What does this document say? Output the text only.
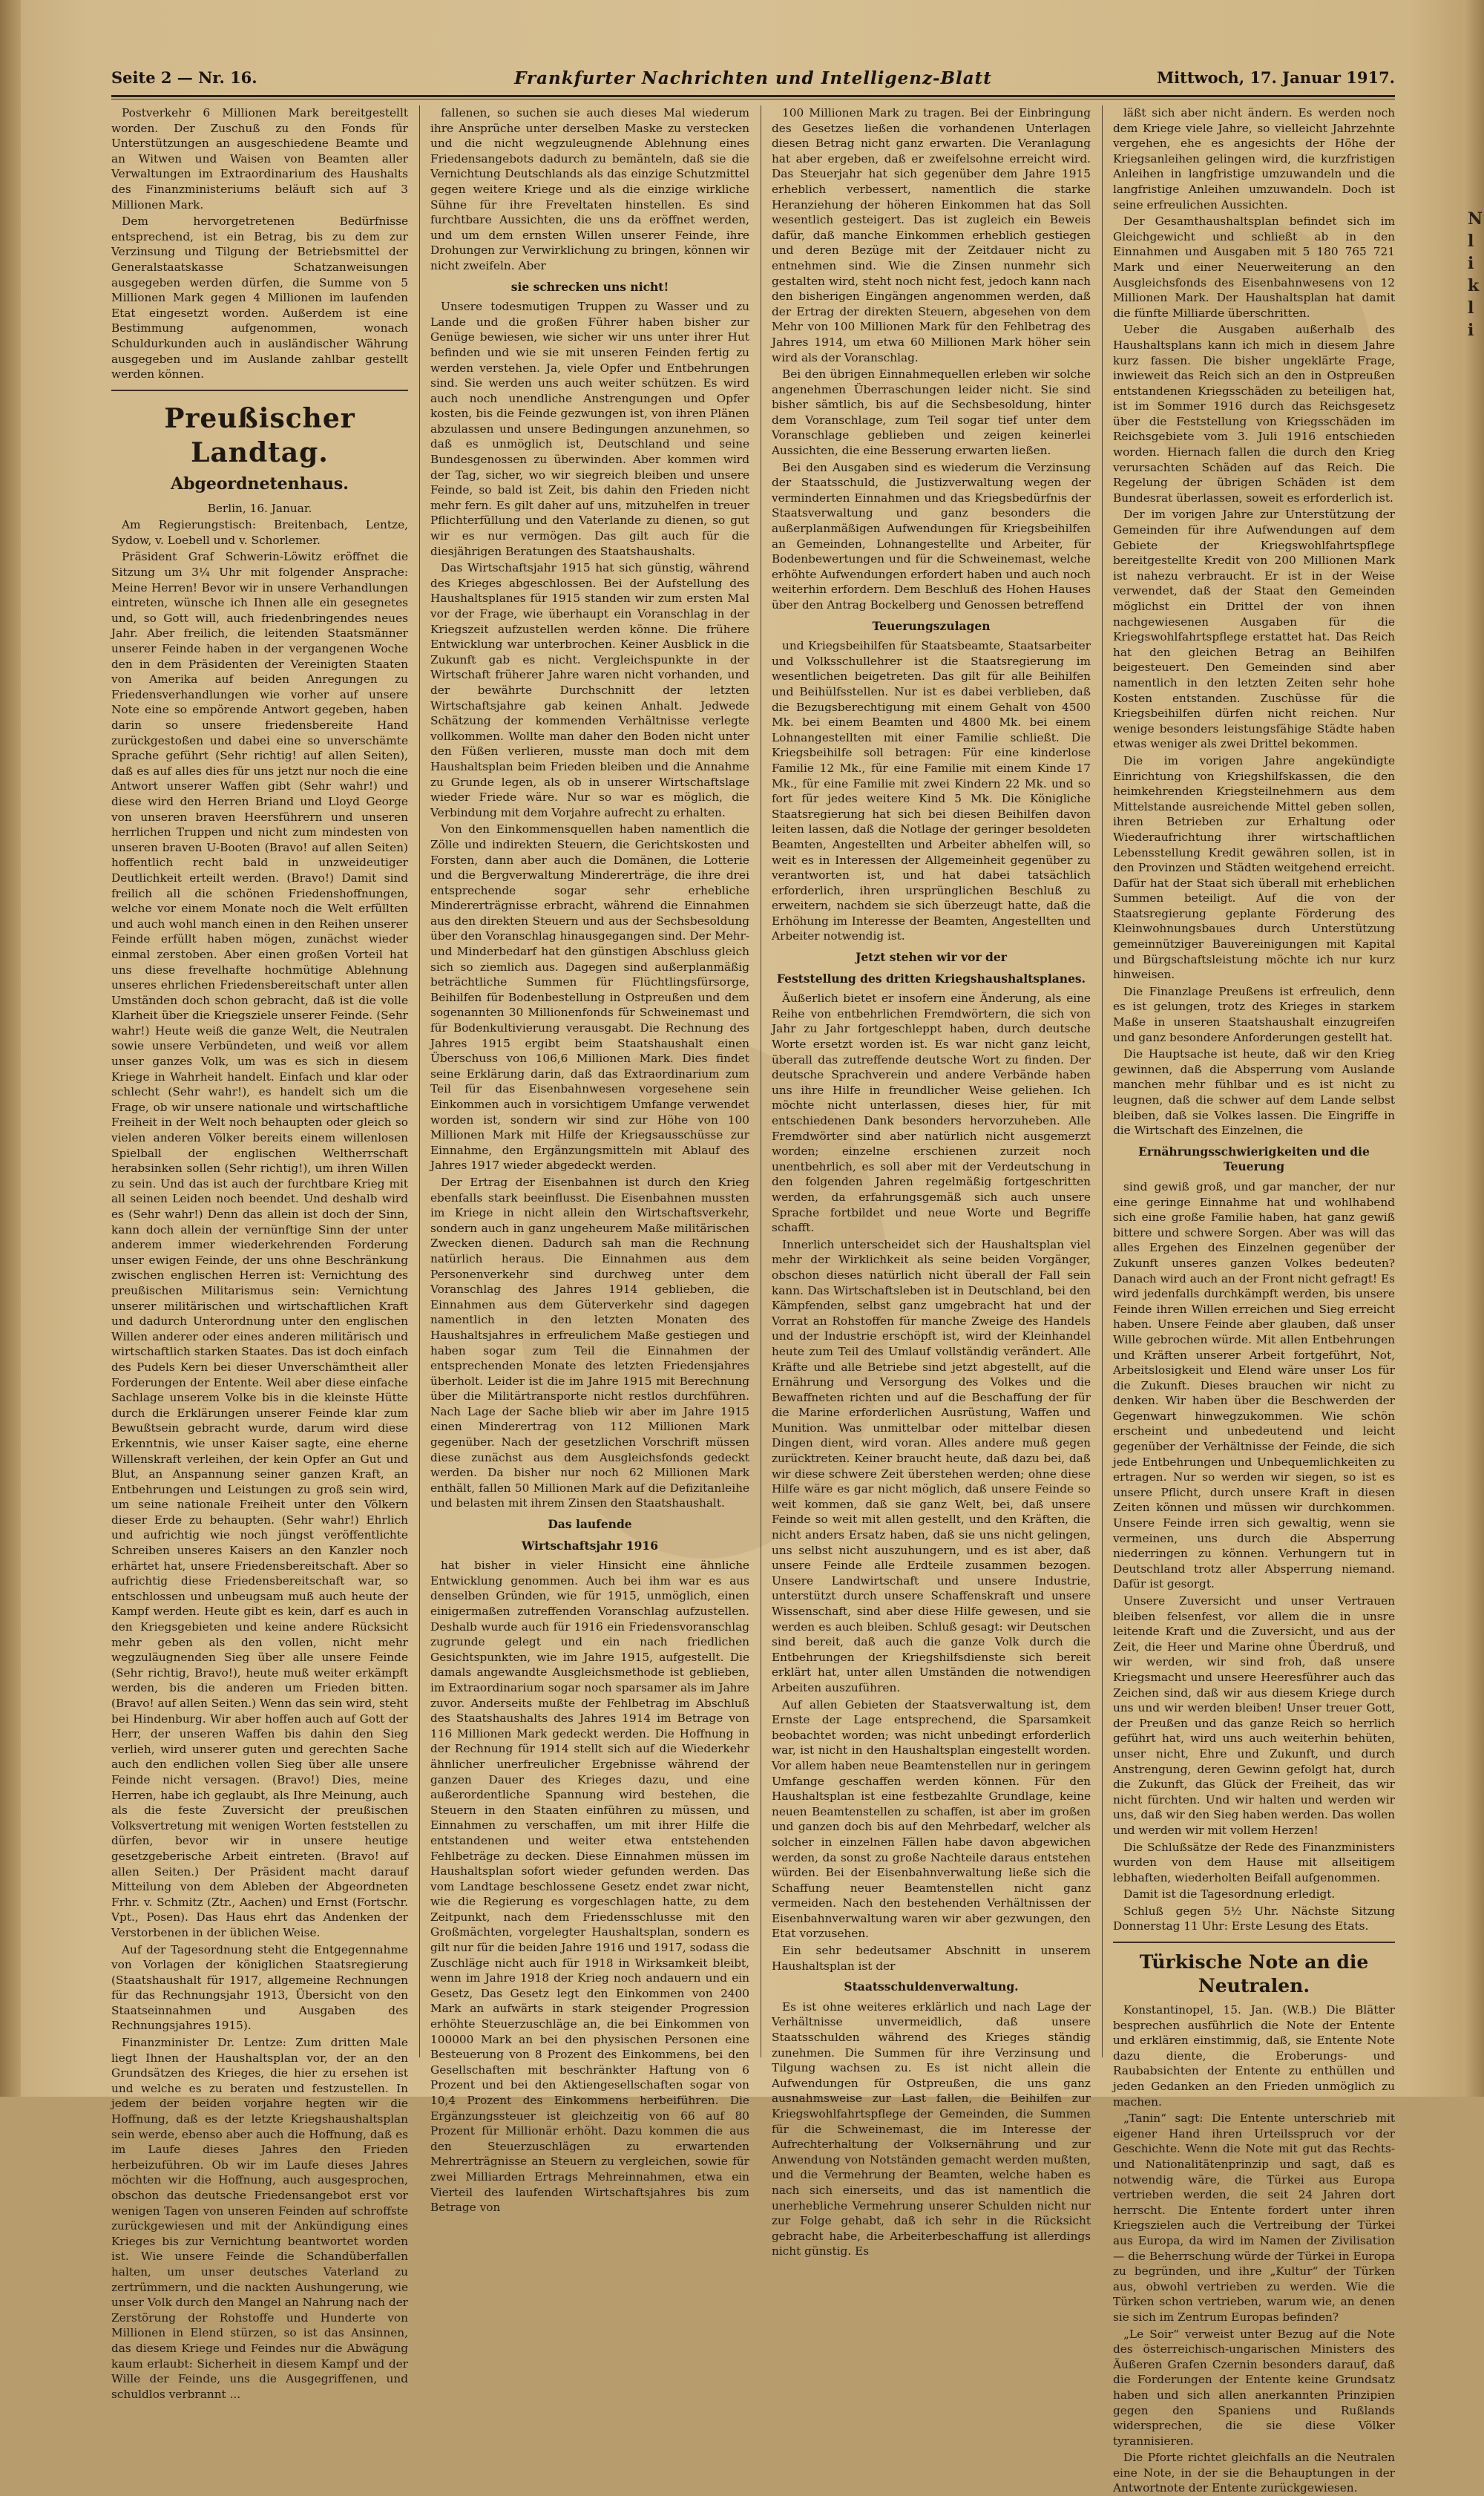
N
l
i
k
l
i
Seite 2 — Nr. 16.	Frankfurter Nachrichten und Intelligenz-Blatt	Mittwoch, 17. Januar 1917.

Postverkehr 6 Millionen Mark bereitgestellt worden. Der Zuschuß zu den Fonds für Unterstützungen an ausgeschiedene Beamte und an Witwen und Waisen von Beamten aller Verwaltungen im Extraordinarium des Haushalts des Finanzministeriums beläuft sich auf 3 Millionen Mark.

Dem hervorgetretenen Bedürfnisse entsprechend, ist ein Betrag, bis zu dem zur Verzinsung und Tilgung der Betriebsmittel der Generalstaatskasse Schatzanweisungen ausgegeben werden dürfen, die Summe von 5 Millionen Mark gegen 4 Millionen im laufenden Etat eingesetzt worden. Außerdem ist eine Bestimmung aufgenommen, wonach Schuldurkunden auch in ausländischer Währung ausgegeben und im Auslande zahlbar gestellt werden können.

Preußischer Landtag.
Abgeordnetenhaus.

Berlin, 16. Januar.

Am Regierungstisch: Breitenbach, Lentze, Sydow, v. Loebell und v. Schorlemer.

Präsident Graf Schwerin-Löwitz eröffnet die Sitzung um 3¼ Uhr mit folgender Ansprache: Meine Herren! Bevor wir in unsere Verhandlungen eintreten, wünsche ich Ihnen alle ein gesegnetes und, so Gott will, auch friedenbringendes neues Jahr. Aber freilich, die leitenden Staatsmänner unserer Feinde haben in der vergangenen Woche den in dem Präsidenten der Vereinigten Staaten von Amerika auf beiden Anregungen zu Friedensverhandlungen wie vorher auf unsere Note eine so empörende Antwort gegeben, haben darin so unsere friedensbereite Hand zurückgestoßen und dabei eine so unverschämte Sprache geführt (Sehr richtig! auf allen Seiten), daß es auf alles dies für uns jetzt nur noch die eine Antwort unserer Waffen gibt (Sehr wahr!) und diese wird den Herren Briand und Lloyd George von unseren braven Heersführern und unseren herrlichen Truppen und nicht zum mindesten von unseren braven U-Booten (Bravo! auf allen Seiten) hoffentlich recht bald in unzweideutiger Deutlichkeit erteilt werden. (Bravo!) Damit sind freilich all die schönen Friedenshoffnungen, welche vor einem Monate noch die Welt erfüllten und auch wohl manch einen in den Reihen unserer Feinde erfüllt haben mögen, zunächst wieder einmal zerstoben. Aber einen großen Vorteil hat uns diese frevelhafte hochmütige Ablehnung unseres ehrlichen Friedensbereitschaft unter allen Umständen doch schon gebracht, daß ist die volle Klarheit über die Kriegsziele unserer Feinde. (Sehr wahr!) Heute weiß die ganze Welt, die Neutralen sowie unsere Verbündeten, und weiß vor allem unser ganzes Volk, um was es sich in diesem Kriege in Wahrheit handelt. Einfach und klar oder schlecht (Sehr wahr!), es handelt sich um die Frage, ob wir unsere nationale und wirtschaftliche Freiheit in der Welt noch behaupten oder gleich so vielen anderen Völker bereits einem willenlosen Spielball der englischen Weltherrschaft herabsinken sollen (Sehr richtig!), um ihren Willen zu sein. Und das ist auch der furchtbare Krieg mit all seinen Leiden noch beendet. Und deshalb wird es (Sehr wahr!) Denn das allein ist doch der Sinn, kann doch allein der vernünftige Sinn der unter anderem immer wiederkehrenden Forderung unser ewigen Feinde, der uns ohne Beschränkung zwischen englischen Herren ist: Vernichtung des preußischen Militarismus sein: Vernichtung unserer militärischen und wirtschaftlichen Kraft und dadurch Unterordnung unter den englischen Willen anderer oder eines anderen militärisch und wirtschaftlich starken Staates. Das ist doch einfach des Pudels Kern bei dieser Unverschämtheit aller Forderungen der Entente. Weil aber diese einfache Sachlage unserem Volke bis in die kleinste Hütte durch die Erklärungen unserer Feinde klar zum Bewußtsein gebracht wurde, darum wird diese Erkenntnis, wie unser Kaiser sagte, eine eherne Willenskraft verleihen, der kein Opfer an Gut und Blut, an Anspannung seiner ganzen Kraft, an Entbehrungen und Leistungen zu groß sein wird, um seine nationale Freiheit unter den Völkern dieser Erde zu behaupten. (Sehr wahr!) Ehrlich und aufrichtig wie noch jüngst veröffentlichte Schreiben unseres Kaisers an den Kanzler noch erhärtet hat, unsere Friedensbereitschaft. Aber so aufrichtig diese Friedensbereitschaft war, so entschlossen und unbeugsam muß auch heute der Kampf werden. Heute gibt es kein, darf es auch in den Kriegsgebieten und keine andere Rücksicht mehr geben als den vollen, nicht mehr wegzuläugnenden Sieg über alle unsere Feinde (Sehr richtig, Bravo!), heute muß weiter erkämpft werden, bis die anderen um Frieden bitten. (Bravo! auf allen Seiten.) Wenn das sein wird, steht bei Hindenburg. Wir aber hoffen auch auf Gott der Herr, der unseren Waffen bis dahin den Sieg verlieh, wird unserer guten und gerechten Sache auch den endlichen vollen Sieg über alle unsere Feinde nicht versagen. (Bravo!) Dies, meine Herren, habe ich geglaubt, als Ihre Meinung, auch als die feste Zuversicht der preußischen Volksvertretung mit wenigen Worten feststellen zu dürfen, bevor wir in unsere heutige gesetzgeberische Arbeit eintreten. (Bravo! auf allen Seiten.) Der Präsident macht darauf Mitteilung von dem Ableben der Abgeordneten Frhr. v. Schmitz (Ztr., Aachen) und Ernst (Fortschr. Vpt., Posen). Das Haus ehrt das Andenken der Verstorbenen in der üblichen Weise.

Auf der Tagesordnung steht die Entgegennahme von Vorlagen der königlichen Staatsregierung (Staatshaushalt für 1917, allgemeine Rechnungen für das Rechnungsjahr 1913, Übersicht von den Staatseinnahmen und Ausgaben des Rechnungsjahres 1915).

Finanzminister Dr. Lentze: Zum dritten Male liegt Ihnen der Haushaltsplan vor, der an den Grundsätzen des Krieges, die hier zu ersehen ist und welche es zu beraten und festzustellen. In jedem der beiden vorjahre hegten wir die Hoffnung, daß es der letzte Kriegshaushaltsplan sein werde, ebenso aber auch die Hoffnung, daß es im Laufe dieses Jahres den Frieden herbeizuführen. Ob wir im Laufe dieses Jahres möchten wir die Hoffnung, auch ausgesprochen, obschon das deutsche Friedensangebot erst vor wenigen Tagen von unseren Feinden auf schroffste zurückgewiesen und mit der Ankündigung eines Krieges bis zur Vernichtung beantwortet worden ist. Wie unsere Feinde die Schandüberfallen halten, um unser deutsches Vaterland zu zertrümmern, und die nackten Aushungerung, wie unser Volk durch den Mangel an Nahrung nach der Zerstörung der Rohstoffe und Hunderte von Millionen in Elend stürzen, so ist das Ansinnen, das diesem Kriege und Feindes nur die Abwägung kaum erlaubt: Sicherheit in diesem Kampf und der Wille der Feinde, uns die Ausgegriffenen, und schuldlos verbrannt ...

fallenen, so suchen sie auch dieses Mal wiederum ihre Ansprüche unter derselben Maske zu verstecken und die nicht wegzuleugnende Ablehnung eines Friedensangebots dadurch zu bemänteln, daß sie die Vernichtung Deutschlands als das einzige Schutzmittel gegen weitere Kriege und als die einzige wirkliche Sühne für ihre Freveltaten hinstellen. Es sind furchtbare Aussichten, die uns da eröffnet werden, und um dem ernsten Willen unserer Feinde, ihre Drohungen zur Verwirklichung zu bringen, können wir nicht zweifeln. Aber

sie schrecken uns nicht!

Unsere todesmutigen Truppen zu Wasser und zu Lande und die großen Führer haben bisher zur Genüge bewiesen, wie sicher wir uns unter ihrer Hut befinden und wie sie mit unseren Feinden fertig zu werden verstehen. Ja, viele Opfer und Entbehrungen sind. Sie werden uns auch weiter schützen. Es wird auch noch unendliche Anstrengungen und Opfer kosten, bis die Feinde gezwungen ist, von ihren Plänen abzulassen und unsere Bedingungen anzunehmen, so daß es unmöglich ist, Deutschland und seine Bundesgenossen zu überwinden. Aber kommen wird der Tag, sicher, wo wir siegreich bleiben und unsere Feinde, so bald ist Zeit, bis dahin den Frieden nicht mehr fern. Es gilt daher auf uns, mitzuhelfen in treuer Pflichterfüllung und den Vaterlande zu dienen, so gut wir es nur vermögen. Das gilt auch für die diesjährigen Beratungen des Staatshaushalts.

Das Wirtschaftsjahr 1915 hat sich günstig, während des Krieges abgeschlossen. Bei der Aufstellung des Haushaltsplanes für 1915 standen wir zum ersten Mal vor der Frage, wie überhaupt ein Voranschlag in der Kriegszeit aufzustellen werden könne. Die frühere Entwicklung war unterbrochen. Keiner Ausblick in die Zukunft gab es nicht. Vergleichspunkte in der Wirtschaft früherer Jahre waren nicht vorhanden, und der bewährte Durchschnitt der letzten Wirtschaftsjahre gab keinen Anhalt. Jedwede Schätzung der kommenden Verhältnisse verlegte vollkommen. Wollte man daher den Boden nicht unter den Füßen verlieren, musste man doch mit dem Haushaltsplan beim Frieden bleiben und die Annahme zu Grunde legen, als ob in unserer Wirtschaftslage wieder Friede wäre. Nur so war es möglich, die Verbindung mit dem Vorjahre aufrecht zu erhalten.

Von den Einkommensquellen haben namentlich die Zölle und indirekten Steuern, die Gerichtskosten und Forsten, dann aber auch die Domänen, die Lotterie und die Bergverwaltung Mindererträge, die ihre drei entsprechende sogar sehr erhebliche Mindererträgnisse erbracht, während die Einnahmen aus den direkten Steuern und aus der Sechsbesoldung über den Voranschlag hinausgegangen sind. Der Mehr- und Minderbedarf hat den günstigen Abschluss gleich sich so ziemlich aus. Dagegen sind außerplanmäßig beträchtliche Summen für Flüchtlingsfürsorge, Beihilfen für Bodenbestellung in Ostpreußen und dem sogenannten 30 Millionenfonds für Schweinemast und für Bodenkultivierung verausgabt. Die Rechnung des Jahres 1915 ergibt beim Staatshaushalt einen Überschuss von 106,6 Millionen Mark. Dies findet seine Erklärung darin, daß das Extraordinarium zum Teil für das Eisenbahnwesen vorgesehene sein Einkommen auch in vorsichtigem Umfange verwendet worden ist, sondern wir sind zur Höhe von 100 Millionen Mark mit Hilfe der Kriegsausschüsse zur Einnahme, den Ergänzungsmitteln mit Ablauf des Jahres 1917 wieder abgedeckt werden.

Der Ertrag der Eisenbahnen ist durch den Krieg ebenfalls stark beeinflusst. Die Eisenbahnen mussten im Kriege in nicht allein den Wirtschaftsverkehr, sondern auch in ganz ungeheurem Maße militärischen Zwecken dienen. Dadurch sah man die Rechnung natürlich heraus. Die Einnahmen aus dem Personenverkehr sind durchweg unter dem Voranschlag des Jahres 1914 geblieben, die Einnahmen aus dem Güterverkehr sind dagegen namentlich in den letzten Monaten des Haushaltsjahres in erfreulichem Maße gestiegen und haben sogar zum Teil die Einnahmen der entsprechenden Monate des letzten Friedensjahres überholt. Leider ist die im Jahre 1915 mit Berechnung über die Militärtransporte nicht restlos durchführen. Nach Lage der Sache blieb wir aber im Jahre 1915 einen Minderertrag von 112 Millionen Mark gegenüber. Nach der gesetzlichen Vorschrift müssen diese zunächst aus dem Ausgleichsfonds gedeckt werden. Da bisher nur noch 62 Millionen Mark enthält, fallen 50 Millionen Mark auf die Defizitanleihe und belasten mit ihrem Zinsen den Staatshaushalt.

Das laufende

Wirtschaftsjahr 1916

hat bisher in vieler Hinsicht eine ähnliche Entwicklung genommen. Auch bei ihm war es aus denselben Gründen, wie für 1915, unmöglich, einen einigermaßen zutreffenden Voranschlag aufzustellen. Deshalb wurde auch für 1916 ein Friedensvoranschlag zugrunde gelegt und ein nach friedlichen Gesichtspunkten, wie im Jahre 1915, aufgestellt. Die damals angewandte Ausgleichsmethode ist geblieben, im Extraordinarium sogar noch sparsamer als im Jahre zuvor. Anderseits mußte der Fehlbetrag im Abschluß des Staatshaushalts des Jahres 1914 im Betrage von 116 Millionen Mark gedeckt werden. Die Hoffnung in der Rechnung für 1914 stellt sich auf die Wiederkehr ähnlicher unerfreulicher Ergebnisse während der ganzen Dauer des Krieges dazu, und eine außerordentliche Spannung wird bestehen, die Steuern in den Staaten einführen zu müssen, und Einnahmen zu verschaffen, um mit ihrer Hilfe die entstandenen und weiter etwa entstehenden Fehlbeträge zu decken. Diese Einnahmen müssen im Haushaltsplan sofort wieder gefunden werden. Das vom Landtage beschlossene Gesetz endet zwar nicht, wie die Regierung es vorgeschlagen hatte, zu dem Zeitpunkt, nach dem Friedensschlusse mit den Großmächten, vorgelegter Haushaltsplan, sondern es gilt nur für die beiden Jahre 1916 und 1917, sodass die Zuschläge nicht auch für 1918 in Wirksamkeit bleibt, wenn im Jahre 1918 der Krieg noch andauern und ein Gesetz, Das Gesetz legt den Einkommen von 2400 Mark an aufwärts in stark steigender Progression erhöhte Steuerzuschläge an, die bei Einkommen von 100000 Mark an bei den physischen Personen eine Besteuerung von 8 Prozent des Einkommens, bei den Gesellschaften mit beschränkter Haftung von 6 Prozent und bei den Aktiengesellschaften sogar von 10,4 Prozent des Einkommens herbeiführen. Die Ergänzungssteuer ist gleichzeitig von 66 auf 80 Prozent für Millionär erhöht. Dazu kommen die aus den Steuerzuschlägen zu erwartenden Mehrerträgnisse an Steuern zu vergleichen, sowie für zwei Milliarden Ertrags Mehreinnahmen, etwa ein Vierteil des laufenden Wirtschaftsjahres bis zum Betrage von

100 Millionen Mark zu tragen. Bei der Einbringung des Gesetzes ließen die vorhandenen Unterlagen diesen Betrag nicht ganz erwarten. Die Veranlagung hat aber ergeben, daß er zweifelsohne erreicht wird. Das Steuerjahr hat sich gegenüber dem Jahre 1915 erheblich verbessert, namentlich die starke Heranziehung der höheren Einkommen hat das Soll wesentlich gesteigert. Das ist zugleich ein Beweis dafür, daß manche Einkommen erheblich gestiegen und deren Bezüge mit der Zeitdauer nicht zu entnehmen sind. Wie die Zinsen nunmehr sich gestalten wird, steht noch nicht fest, jedoch kann nach den bisherigen Eingängen angenommen werden, daß der Ertrag der direkten Steuern, abgesehen von dem Mehr von 100 Millionen Mark für den Fehlbetrag des Jahres 1914, um etwa 60 Millionen Mark höher sein wird als der Voranschlag.

Bei den übrigen Einnahmequellen erleben wir solche angenehmen Überraschungen leider nicht. Sie sind bisher sämtlich, bis auf die Sechsbesoldung, hinter dem Voranschlage, zum Teil sogar tief unter dem Voranschlage geblieben und zeigen keinerlei Aussichten, die eine Besserung erwarten ließen.

Bei den Ausgaben sind es wiederum die Verzinsung der Staatsschuld, die Justizverwaltung wegen der verminderten Einnahmen und das Kriegsbedürfnis der Staatsverwaltung und ganz besonders die außerplanmäßigen Aufwendungen für Kriegsbeihilfen an Gemeinden, Lohnangestellte und Arbeiter, für Bodenbewertungen und für die Schweinemast, welche erhöhte Aufwendungen erfordert haben und auch noch weiterhin erfordern. Dem Beschluß des Hohen Hauses über den Antrag Bockelberg und Genossen betreffend

Teuerungszulagen

und Kriegsbeihilfen für Staatsbeamte, Staatsarbeiter und Volksschullehrer ist die Staatsregierung im wesentlichen beigetreten. Das gilt für alle Beihilfen und Beihülfsstellen. Nur ist es dabei verblieben, daß die Bezugsberechtigung mit einem Gehalt von 4500 Mk. bei einem Beamten und 4800 Mk. bei einem Lohnangestellten mit einer Familie schließt. Die Kriegsbeihilfe soll betragen: Für eine kinderlose Familie 12 Mk., für eine Familie mit einem Kinde 17 Mk., für eine Familie mit zwei Kindern 22 Mk. und so fort für jedes weitere Kind 5 Mk. Die Königliche Staatsregierung hat sich bei diesen Beihilfen davon leiten lassen, daß die Notlage der geringer besoldeten Beamten, Angestellten und Arbeiter abhelfen will, so weit es in Interessen der Allgemeinheit gegenüber zu verantworten ist, und hat dabei tatsächlich erforderlich, ihren ursprünglichen Beschluß zu erweitern, nachdem sie sich überzeugt hatte, daß die Erhöhung im Interesse der Beamten, Angestellten und Arbeiter notwendig ist.

Jetzt stehen wir vor der

Feststellung des dritten Kriegshaushaltsplanes.

Äußerlich bietet er insofern eine Änderung, als eine Reihe von entbehrlichen Fremdwörtern, die sich von Jahr zu Jahr fortgeschleppt haben, durch deutsche Worte ersetzt worden ist. Es war nicht ganz leicht, überall das zutreffende deutsche Wort zu finden. Der deutsche Sprachverein und andere Verbände haben uns ihre Hilfe in freundlicher Weise geliehen. Ich möchte nicht unterlassen, dieses hier, für mit entschiedenen Dank besonders hervorzuheben. Alle Fremdwörter sind aber natürlich nicht ausgemerzt worden; einzelne erschienen zurzeit noch unentbehrlich, es soll aber mit der Verdeutschung in den folgenden Jahren regelmäßig fortgeschritten werden, da erfahrungsgemäß sich auch unsere Sprache fortbildet und neue Worte und Begriffe schafft.

Innerlich unterscheidet sich der Haushaltsplan viel mehr der Wirklichkeit als seine beiden Vorgänger, obschon dieses natürlich nicht überall der Fall sein kann. Das Wirtschaftsleben ist in Deutschland, bei den Kämpfenden, selbst ganz umgebracht hat und der Vorrat an Rohstoffen für manche Zweige des Handels und der Industrie erschöpft ist, wird der Kleinhandel heute zum Teil des Umlauf vollständig verändert. Alle Kräfte und alle Betriebe sind jetzt abgestellt, auf die Ernährung und Versorgung des Volkes und die Bewaffneten richten und auf die Beschaffung der für die Marine erforderlichen Ausrüstung, Waffen und Munition. Was unmittelbar oder mittelbar diesen Dingen dient, wird voran. Alles andere muß gegen zurücktreten. Keiner braucht heute, daß dazu bei, daß wir diese schwere Zeit überstehen werden; ohne diese Hilfe wäre es gar nicht möglich, daß unsere Feinde so weit kommen, daß sie ganz Welt, bei, daß unsere Feinde so weit mit allen gestellt, und den Kräften, die nicht anders Ersatz haben, daß sie uns nicht gelingen, uns selbst nicht auszuhungern, und es ist aber, daß unsere Feinde alle Erdteile zusammen bezogen. Unsere Landwirtschaft und unsere Industrie, unterstützt durch unsere Schaffenskraft und unsere Wissenschaft, sind aber diese Hilfe gewesen, und sie werden es auch bleiben. Schluß gesagt: wir Deutschen sind bereit, daß auch die ganze Volk durch die Entbehrungen der Kriegshilfsdienste sich bereit erklärt hat, unter allen Umständen die notwendigen Arbeiten auszuführen.

Auf allen Gebieten der Staatsverwaltung ist, dem Ernste der Lage entsprechend, die Sparsamkeit beobachtet worden; was nicht unbedingt erforderlich war, ist nicht in den Haushaltsplan eingestellt worden. Vor allem haben neue Beamtenstellen nur in geringem Umfange geschaffen werden können. Für den Haushaltsplan ist eine festbezahlte Grundlage, keine neuen Beamtenstellen zu schaffen, ist aber im großen und ganzen doch bis auf den Mehrbedarf, welcher als solcher in einzelnen Fällen habe davon abgewichen werden, da sonst zu große Nachteile daraus entstehen würden. Bei der Eisenbahnverwaltung ließe sich die Schaffung neuer Beamtenstellen nicht ganz vermeiden. Nach den bestehenden Verhältnissen der Eisenbahnverwaltung waren wir aber gezwungen, den Etat vorzusehen.

Ein sehr bedeutsamer Abschnitt in unserem Haushaltsplan ist der

Staatsschuldenverwaltung.

Es ist ohne weiteres erklärlich und nach Lage der Verhältnisse unvermeidlich, daß unsere Staatsschulden während des Krieges ständig zunehmen. Die Summen für ihre Verzinsung und Tilgung wachsen zu. Es ist nicht allein die Aufwendungen für Ostpreußen, die uns ganz ausnahmsweise zur Last fallen, die Beihilfen zur Kriegswohlfahrtspflege der Gemeinden, die Summen für die Schweinemast, die im Interesse der Aufrechterhaltung der Volksernährung und zur Anwendung von Notständen gemacht werden mußten, und die Vermehrung der Beamten, welche haben es nach sich einerseits, und das ist namentlich die unerhebliche Vermehrung unserer Schulden nicht nur zur Folge gehabt, daß ich sehr in die Rücksicht gebracht habe, die Arbeiterbeschaffung ist allerdings nicht günstig. Es

läßt sich aber nicht ändern. Es werden noch dem Kriege viele Jahre, so vielleicht Jahrzehnte vergehen, ehe es angesichts der Höhe der Kriegsanleihen gelingen wird, die kurzfristigen Anleihen in langfristige umzuwandeln und die langfristige Anleihen umzuwandeln. Doch ist seine erfreulichen Aussichten.

Der Gesamthaushaltsplan befindet sich im Gleichgewicht und schließt ab in den Einnahmen und Ausgaben mit 5 180 765 721 Mark und einer Neuerweiterung an den Ausgleichsfonds des Eisenbahnwesens von 12 Millionen Mark. Der Haushaltsplan hat damit die fünfte Milliarde überschritten.

Ueber die Ausgaben außerhalb des Haushaltsplans kann ich mich in diesem Jahre kurz fassen. Die bisher ungeklärte Frage, inwieweit das Reich sich an den in Ostpreußen entstandenen Kriegsschäden zu beteiligen hat, ist im Sommer 1916 durch das Reichsgesetz über die Feststellung von Kriegsschäden im Reichsgebiete vom 3. Juli 1916 entschieden worden. Hiernach fallen die durch den Krieg verursachten Schäden auf das Reich. Die Regelung der übrigen Schäden ist dem Bundesrat überlassen, soweit es erforderlich ist.

Der im vorigen Jahre zur Unterstützung der Gemeinden für ihre Aufwendungen auf dem Gebiete der Kriegswohlfahrtspflege bereitgestellte Kredit von 200 Millionen Mark ist nahezu verbraucht. Er ist in der Weise verwendet, daß der Staat den Gemeinden möglichst ein Drittel der von ihnen nachgewiesenen Ausgaben für die Kriegswohlfahrtspflege erstattet hat. Das Reich hat den gleichen Betrag an Beihilfen beigesteuert. Den Gemeinden sind aber namentlich in den letzten Zeiten sehr hohe Kosten entstanden. Zuschüsse für die Kriegsbeihilfen dürfen nicht reichen. Nur wenige besonders leistungsfähige Städte haben etwas weniger als zwei Drittel bekommen.

Die im vorigen Jahre angekündigte Einrichtung von Kriegshilfskassen, die den heimkehrenden Kriegsteilnehmern aus dem Mittelstande ausreichende Mittel geben sollen, ihren Betrieben zur Erhaltung oder Wiederaufrichtung ihrer wirtschaftlichen Lebensstellung Kredit gewähren sollen, ist in den Provinzen und Städten weitgehend erreicht. Dafür hat der Staat sich überall mit erheblichen Summen beteiligt. Auf die von der Staatsregierung geplante Förderung des Kleinwohnungsbaues durch Unterstützung gemeinnütziger Bauvereinigungen mit Kapital und Bürgschaftsleistung möchte ich nur kurz hinweisen.

Die Finanzlage Preußens ist erfreulich, denn es ist gelungen, trotz des Krieges in starkem Maße in unseren Staatshaushalt einzugreifen und ganz besondere Anforderungen gestellt hat.

Die Hauptsache ist heute, daß wir den Krieg gewinnen, daß die Absperrung vom Auslande manchen mehr fühlbar und es ist nicht zu leugnen, daß die schwer auf dem Lande selbst bleiben, daß sie Volkes lassen. Die Eingriffe in die Wirtschaft des Einzelnen, die

Ernährungsschwierigkeiten und die Teuerung

sind gewiß groß, und gar mancher, der nur eine geringe Einnahme hat und wohlhabend sich eine große Familie haben, hat ganz gewiß bittere und schwere Sorgen. Aber was will das alles Ergehen des Einzelnen gegenüber der Zukunft unseres ganzen Volkes bedeuten? Danach wird auch an der Front nicht gefragt! Es wird jedenfalls durchkämpft werden, bis unsere Feinde ihren Willen erreichen und Sieg erreicht haben. Unsere Feinde aber glauben, daß unser Wille gebrochen würde. Mit allen Entbehrungen und Kräften unserer Arbeit fortgeführt, Not, Arbeitslosigkeit und Elend wäre unser Los für die Zukunft. Dieses brauchen wir nicht zu denken. Wir haben über die Beschwerden der Gegenwart hinwegzukommen. Wie schön erscheint und unbedeutend und leicht gegenüber der Verhältnisse der Feinde, die sich jede Entbehrungen und Unbequemlichkeiten zu ertragen. Nur so werden wir siegen, so ist es unsere Pflicht, durch unsere Kraft in diesen Zeiten können und müssen wir durchkommen. Unsere Feinde irren sich gewaltig, wenn sie vermeinen, uns durch die Absperrung niederringen zu können. Verhungern tut in Deutschland trotz aller Absperrung niemand. Dafür ist gesorgt.

Unsere Zuversicht und unser Vertrauen bleiben felsenfest, vor allem die in unsre leitende Kraft und die Zuversicht, und aus der Zeit, die Heer und Marine ohne Überdruß, und wir werden, wir sind froh, daß unsere Kriegsmacht und unsere Heeresführer auch das Zeichen sind, daß wir aus diesem Kriege durch uns und wir werden bleiben! Unser treuer Gott, der Preußen und das ganze Reich so herrlich geführt hat, wird uns auch weiterhin behüten, unser nicht, Ehre und Zukunft, und durch Anstrengung, deren Gewinn gefolgt hat, durch die Zukunft, das Glück der Freiheit, das wir nicht fürchten. Und wir halten und werden wir uns, daß wir den Sieg haben werden. Das wollen und werden wir mit vollem Herzen!

Die Schlußsätze der Rede des Finanzministers wurden von dem Hause mit allseitigem lebhaften, wiederholten Beifall aufgenommen.

Damit ist die Tagesordnung erledigt.

Schluß gegen 5½ Uhr. Nächste Sitzung Donnerstag 11 Uhr: Erste Lesung des Etats.

Türkische Note an die Neutralen.

Konstantinopel, 15. Jan. (W.B.) Die Blätter besprechen ausführlich die Note der Entente und erklären einstimmig, daß, sie Entente Note dazu diente, die Eroberungs- und Raubabsichten der Entente zu enthüllen und jeden Gedanken an den Frieden unmöglich zu machen.

„Tanin“ sagt: Die Entente unterschrieb mit eigener Hand ihren Urteilsspruch vor der Geschichte. Wenn die Note mit gut das Rechts- und Nationalitätenprinzip und sagt, daß es notwendig wäre, die Türkei aus Europa vertrieben werden, die seit 24 Jahren dort herrscht. Die Entente fordert unter ihren Kriegszielen auch die Vertreibung der Türkei aus Europa, da wird im Namen der Zivilisation — die Beherrschung würde der Türkei in Europa zu begründen, und ihre „Kultur“ der Türken aus, obwohl vertrieben zu werden. Wie die Türken schon vertrieben, warum wie, an denen sie sich im Zentrum Europas befinden?

„Le Soir“ verweist unter Bezug auf die Note des österreichisch-ungarischen Ministers des Äußeren Grafen Czernin besonders darauf, daß die Forderungen der Entente keine Grundsatz haben und sich allen anerkannten Prinzipien gegen den Spaniens und Rußlands widersprechen, die sie diese Völker tyrannisieren.

Die Pforte richtet gleichfalls an die Neutralen eine Note, in der sie die Behauptungen in der Antwortnote der Entente zurückgewiesen.
